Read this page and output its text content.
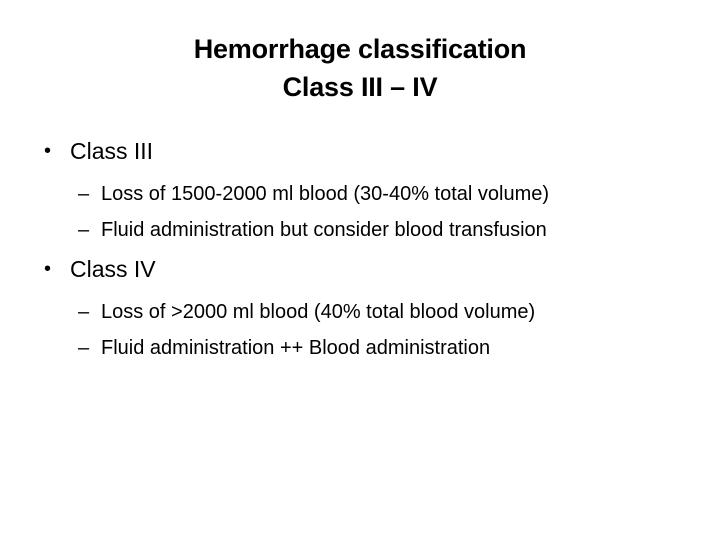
Hemorrhage classification
Class III – IV
• Class III
– Loss of 1500-2000 ml blood (30-40% total volume)
– Fluid administration but consider blood transfusion
• Class IV
– Loss of >2000 ml blood (40% total blood volume)
– Fluid administration ++ Blood administration
